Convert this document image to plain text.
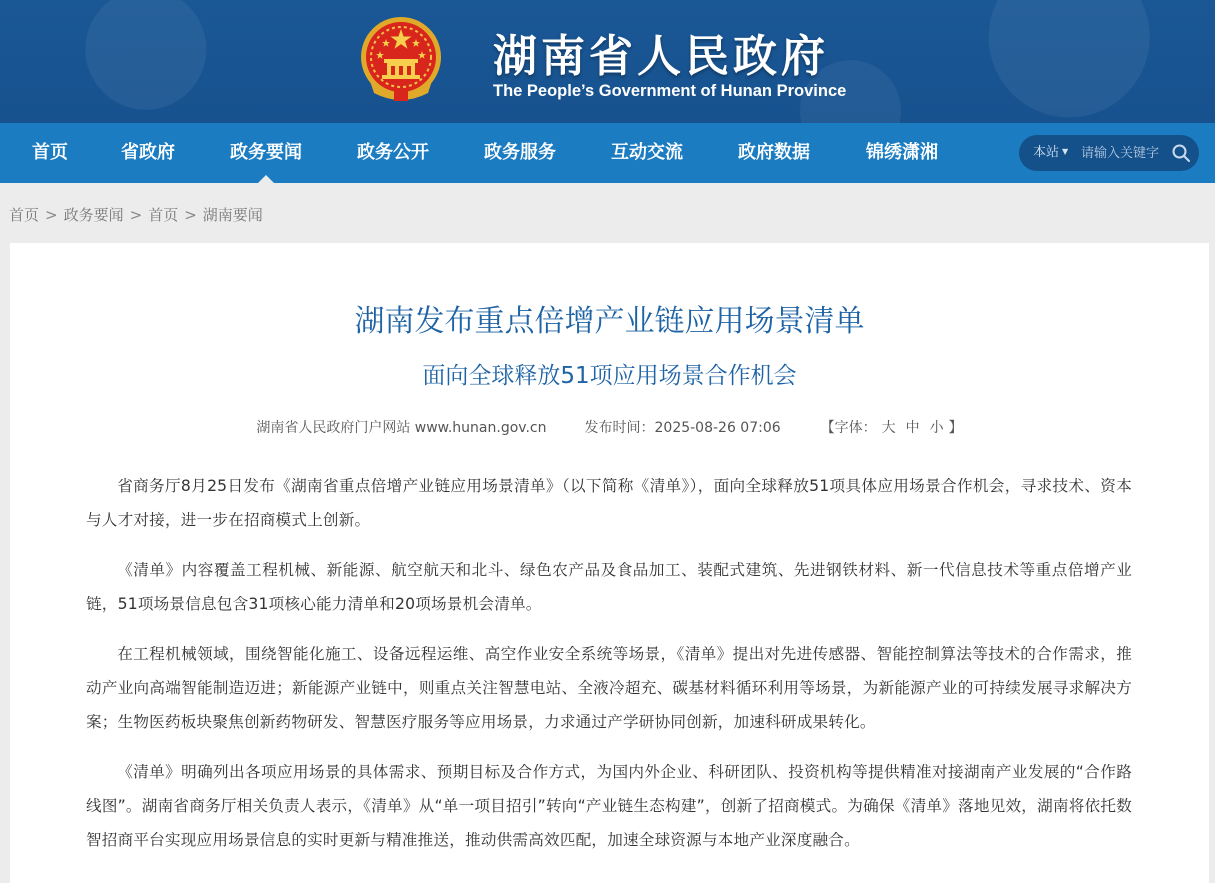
湖南省人民政府
The People’s Government of Hunan Province
首页	省政府	政务要闻	政务公开	政务服务	互动交流	政府数据	锦绣潇湘	本站 ▼
请输入关键字
首页 > 政务要闻 > 首页 > 湖南要闻
湖南发布重点倍增产业链应用场景清单
面向全球释放51项应用场景合作机会
湖南省人民政府门户网站 www.hunan.gov.cn	发布时间：2025-08-26 07:06	【字体： 大 中 小 】

省商务厅8月25日发布《湖南省重点倍增产业链应用场景清单》（以下简称《清单》），面向全球释放51项具体应用场景合作机会，寻求技术、资本与人才对接，进一步在招商模式上创新。

《清单》内容覆盖工程机械、新能源、航空航天和北斗、绿色农产品及食品加工、装配式建筑、先进钢铁材料、新一代信息技术等重点倍增产业链，51项场景信息包含31项核心能力清单和20项场景机会清单。

在工程机械领域，围绕智能化施工、设备远程运维、高空作业安全系统等场景，《清单》提出对先进传感器、智能控制算法等技术的合作需求，推动产业向高端智能制造迈进；新能源产业链中，则重点关注智慧电站、全液冷超充、碳基材料循环利用等场景，为新能源产业的可持续发展寻求解决方案；生物医药板块聚焦创新药物研发、智慧医疗服务等应用场景，力求通过产学研协同创新，加速科研成果转化。

《清单》明确列出各项应用场景的具体需求、预期目标及合作方式，为国内外企业、科研团队、投资机构等提供精准对接湖南产业发展的“合作路线图”。湖南省商务厅相关负责人表示，《清单》从“单一项目招引”转向“产业链生态构建”，创新了招商模式。为确保《清单》落地见效，湖南将依托数智招商平台实现应用场景信息的实时更新与精准推送，推动供需高效匹配，加速全球资源与本地产业深度融合。
